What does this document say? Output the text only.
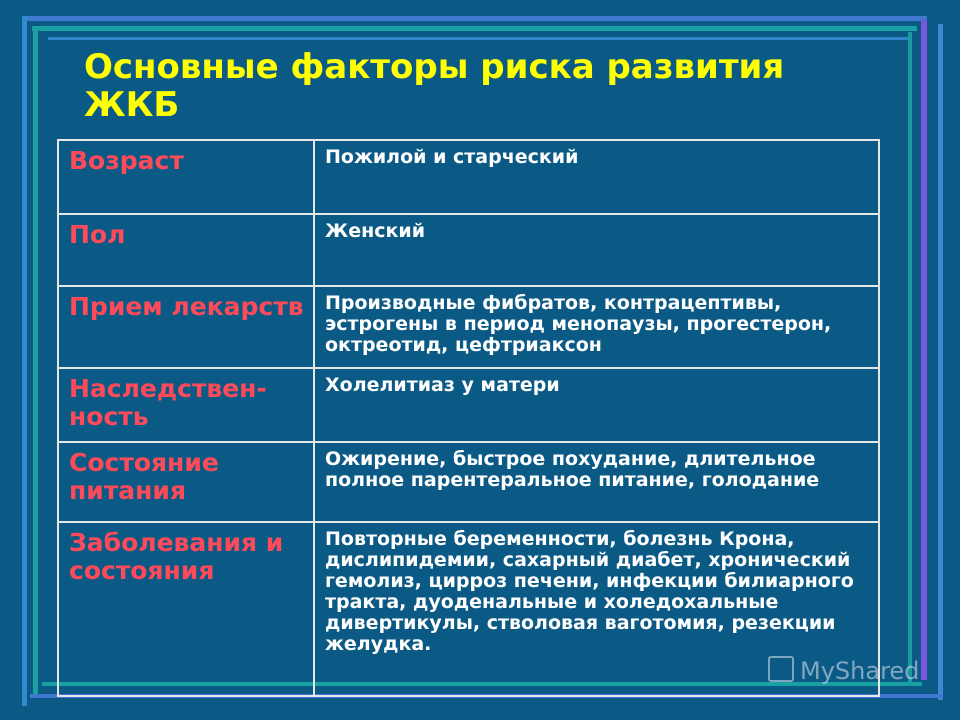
Основные факторы риска развития ЖКБ
Возраст	Пожилой и старческий
Пол	Женский
Прием лекарств	Производные фибратов, контрацептивы, эстрогены в период менопаузы, прогестерон, октреотид, цефтриаксон
Наследствен-ность	Холелитиаз у матери
Состояние питания	Ожирение, быстрое похудание, длительное полное парентеральное питание, голодание
Заболевания и состояния	Повторные беременности, болезнь Крона, дислипидемии, сахарный диабет, хронический гемолиз, цирроз печени, инфекции билиарного тракта, дуоденальные и холедохальные дивертикулы, стволовая ваготомия, резекции желудка.
MyShared
